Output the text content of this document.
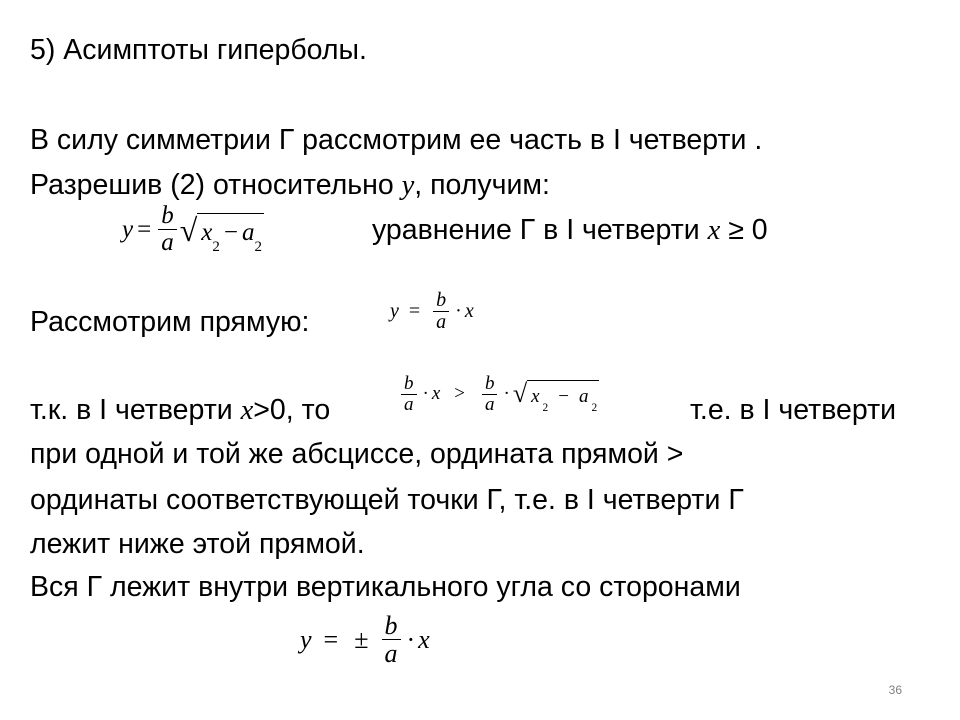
5) Асимптоты гиперболы.
В силу симметрии Г рассмотрим ее часть в I четверти .
Разрешив (2) относительно y, получим:
$y = \frac{b}{a}$ √ x
2
− a
2
уравнение Г в I четверти x ≥ 0
Рассмотрим прямую:	$y = \frac{b}{a} \cdot x$
т.к. в I четверти x>0, то	$\frac{b}{a} \cdot x > \frac{b}{a}$ · √ x
2
− a
2	т.е. в I четверти
при одной и той же абсциссе, ордината прямой >
ординаты соответствующей точки Г, т.е. в I четверти Г
лежит ниже этой прямой.
Вся Г лежит внутри вертикального угла со сторонами
y = ± $\frac{b}{a} \cdot x$
36
